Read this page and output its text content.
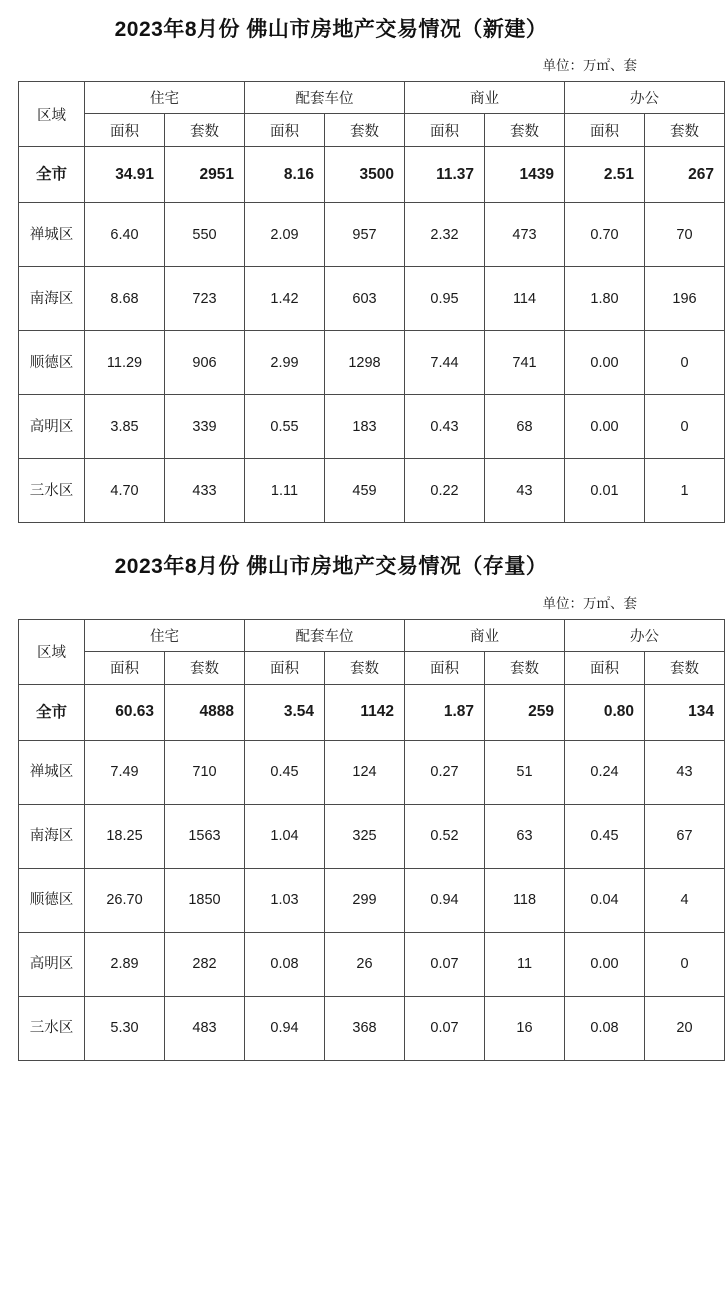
2023年8月份 佛山市房地产交易情况（新建）
单位：万㎡、套
区域	住宅		配套车位		商业		办公	
	面积	套数	面积	套数	面积	套数	面积	套数
全市	34.91	2951	8.16	3500	11.37	1439	2.51	267
禅城区	6.40	550	2.09	957	2.32	473	0.70	70
南海区	8.68	723	1.42	603	0.95	114	1.80	196
顺德区	11.29	906	2.99	1298	7.44	741	0.00	0
高明区	3.85	339	0.55	183	0.43	68	0.00	0
三水区	4.70	433	1.11	459	0.22	43	0.01	1
2023年8月份 佛山市房地产交易情况（存量）
单位：万㎡、套
区域	住宅		配套车位		商业		办公	
	面积	套数	面积	套数	面积	套数	面积	套数
全市	60.63	4888	3.54	1142	1.87	259	0.80	134
禅城区	7.49	710	0.45	124	0.27	51	0.24	43
南海区	18.25	1563	1.04	325	0.52	63	0.45	67
顺德区	26.70	1850	1.03	299	0.94	118	0.04	4
高明区	2.89	282	0.08	26	0.07	11	0.00	0
三水区	5.30	483	0.94	368	0.07	16	0.08	20
